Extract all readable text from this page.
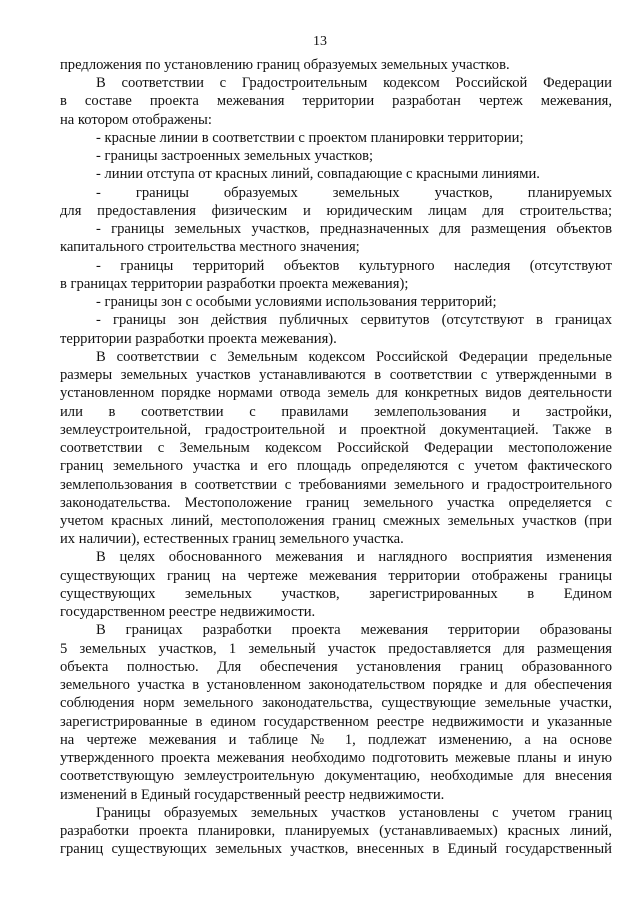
13
предложения по установлению границ образуемых земельных участков.
В соответствии с Градостроительным кодексом Российской Федерации
в составе проекта межевания территории разработан чертеж межевания,
на котором отображены:
- красные линии в соответствии с проектом планировки территории;
- границы застроенных земельных участков;
- линии отступа от красных линий, совпадающие с красными линиями.
- границы образуемых земельных участков, планируемых
для предоставления физическим и юридическим лицам для строительства;
- границы земельных участков, предназначенных для размещения объектов
капитального строительства местного значения;
- границы территорий объектов культурного наследия (отсутствуют
в границах территории разработки проекта межевания);
- границы зон с особыми условиями использования территорий;
- границы зон действия публичных сервитутов (отсутствуют в границах
территории разработки проекта межевания).
В соответствии с Земельным кодексом Российской Федерации предельные
размеры земельных участков устанавливаются в соответствии с утвержденными в
установленном порядке нормами отвода земель для конкретных видов деятельности
или в соответствии с правилами землепользования и застройки,
землеустроительной, градостроительной и проектной документацией. Также в
соответствии с Земельным кодексом Российской Федерации местоположение
границ земельного участка и его площадь определяются с учетом фактического
землепользования в соответствии с требованиями земельного и градостроительного
законодательства. Местоположение границ земельного участка определяется с
учетом красных линий, местоположения границ смежных земельных участков (при
их наличии), естественных границ земельного участка.
В целях обоснованного межевания и наглядного восприятия изменения
существующих границ на чертеже межевания территории отображены границы
существующих земельных участков, зарегистрированных в Едином
государственном реестре недвижимости.
В границах разработки проекта межевания территории образованы
5 земельных участков, 1 земельный участок предоставляется для размещения
объекта полностью. Для обеспечения установления границ образованного
земельного участка в установленном законодательством порядке и для обеспечения
соблюдения норм земельного законодательства, существующие земельные участки,
зарегистрированные в едином государственном реестре недвижимости и указанные
на чертеже межевания и таблице № 1, подлежат изменению, а на основе
утвержденного проекта межевания необходимо подготовить межевые планы и иную
соответствующую землеустроительную документацию, необходимые для внесения
изменений в Единый государственный реестр недвижимости.
Границы образуемых земельных участков установлены с учетом границ
разработки проекта планировки, планируемых (устанавливаемых) красных линий,
границ существующих земельных участков, внесенных в Единый государственный
